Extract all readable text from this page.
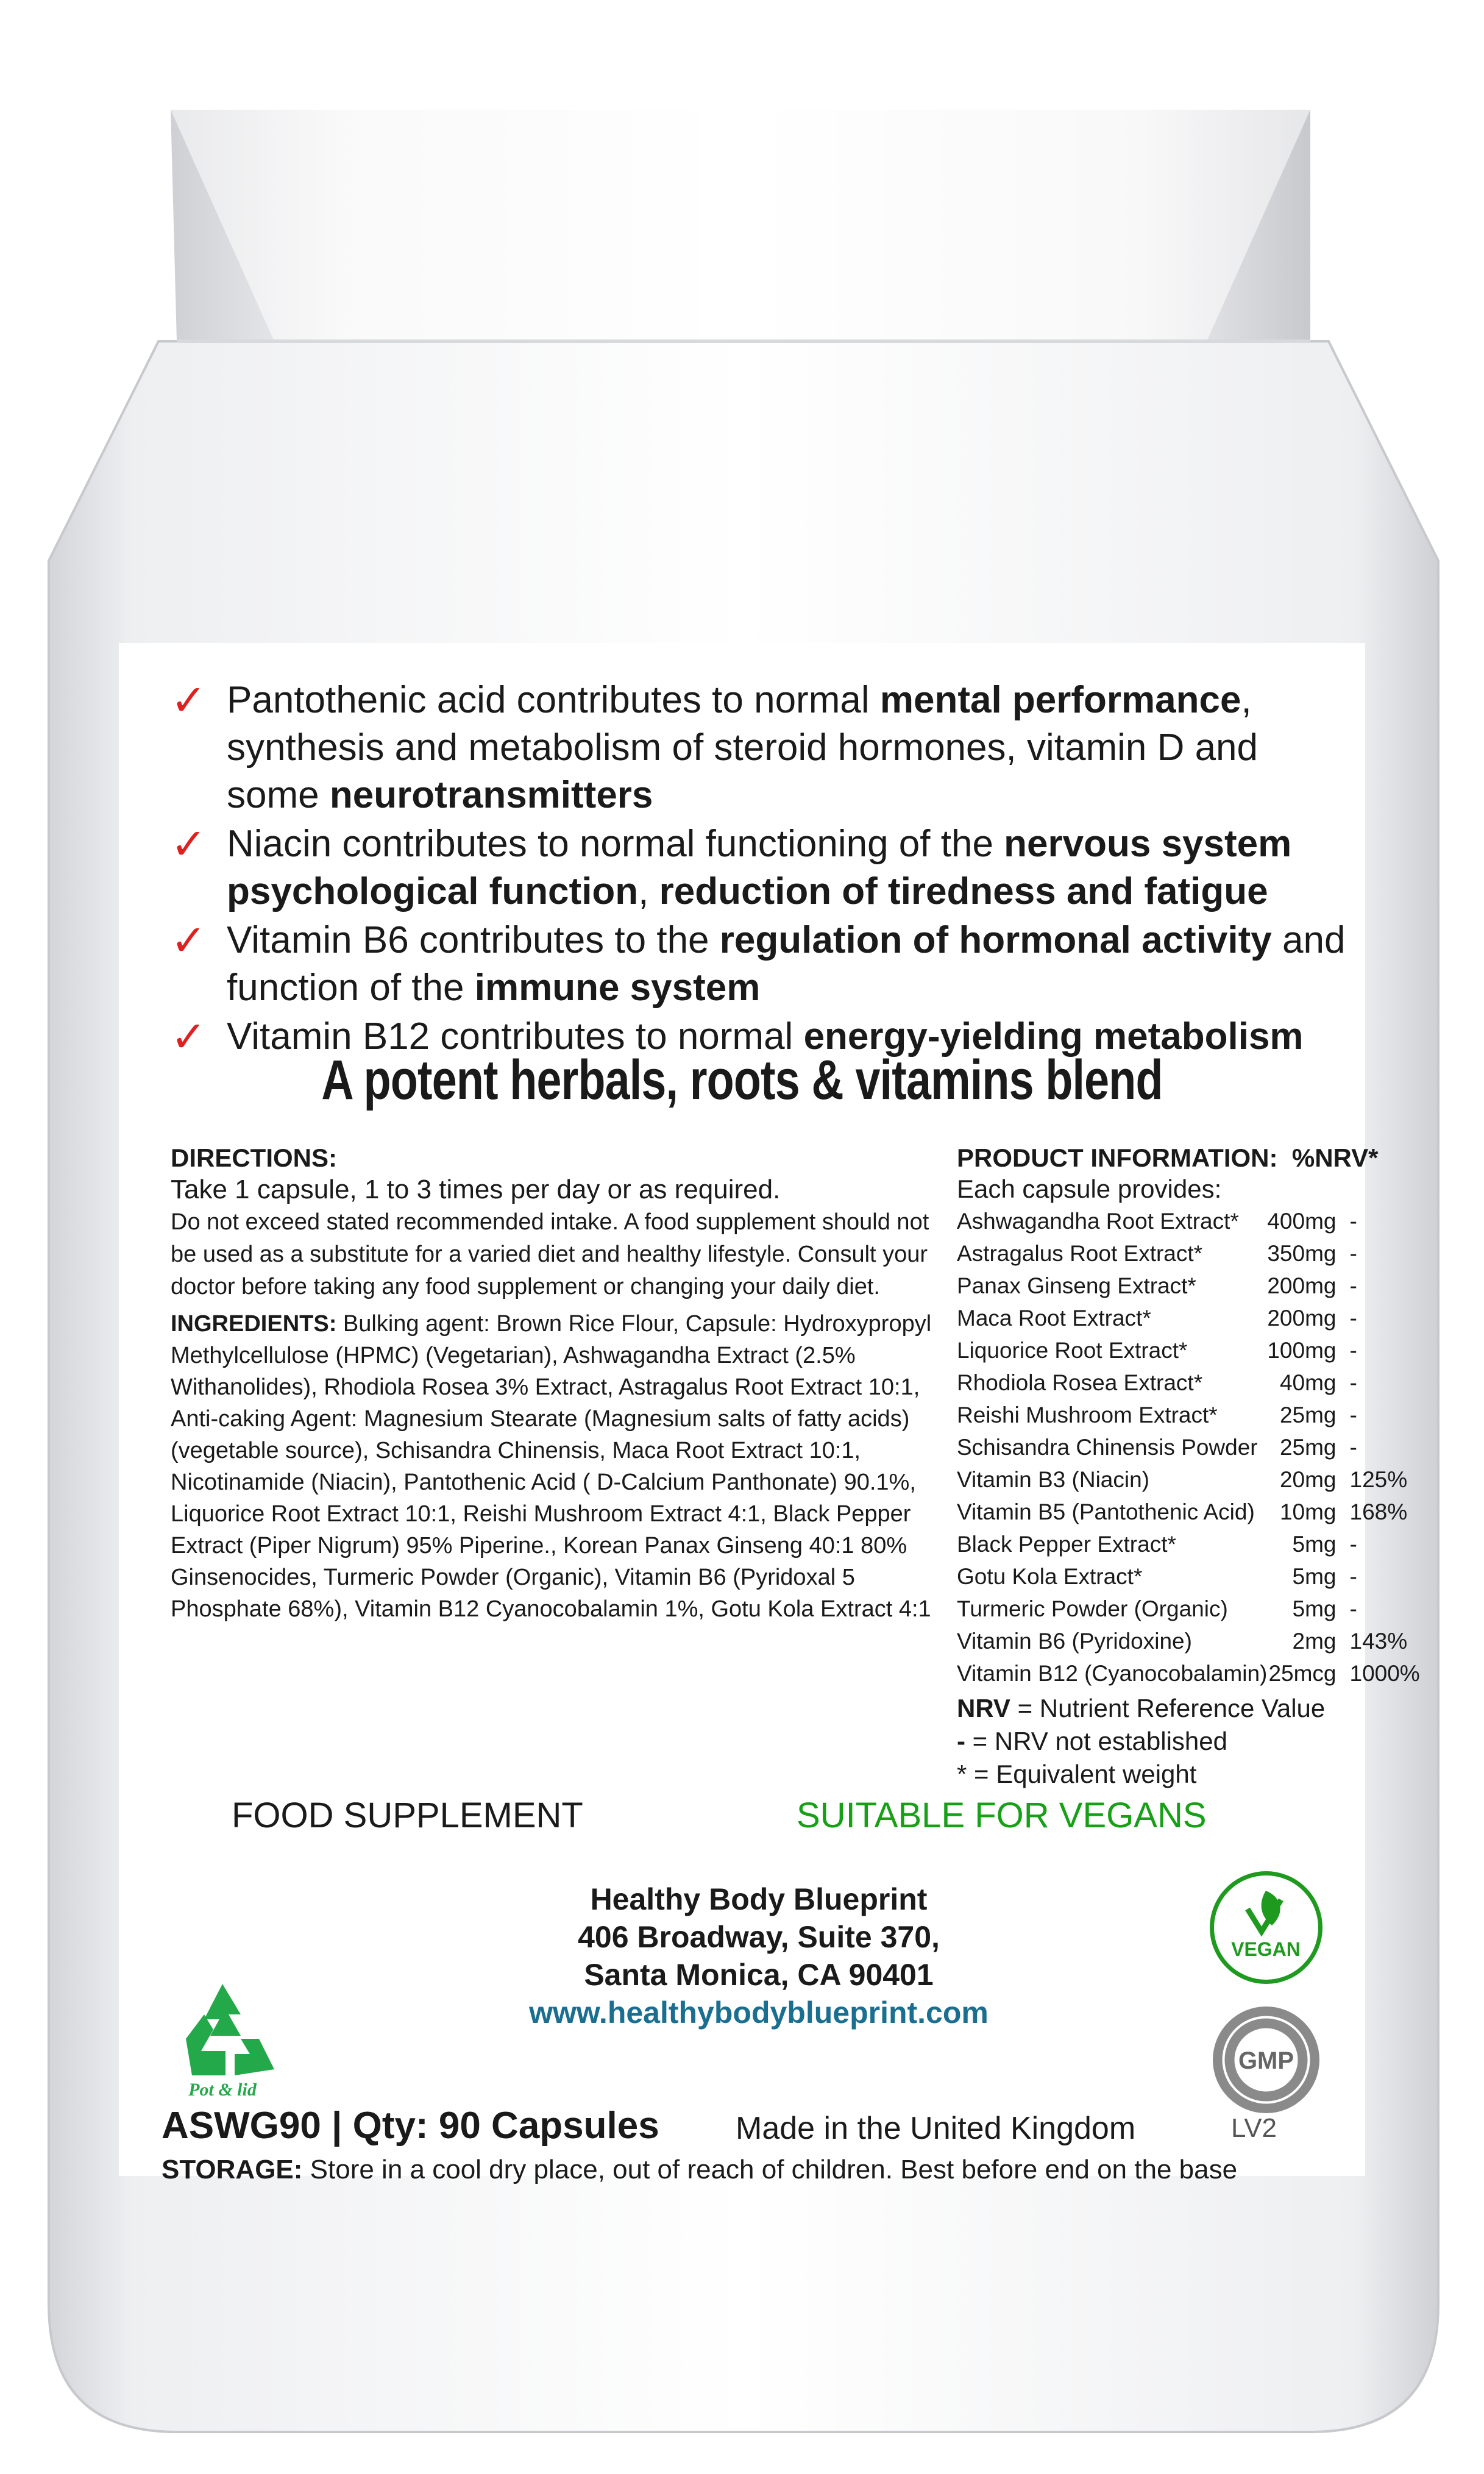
✓ Pantothenic acid contributes to normal mental performance, synthesis and metabolism of steroid hormones, vitamin D and some neurotransmitters
✓ Niacin contributes to normal functioning of the nervous system psychological function, reduction of tiredness and fatigue
✓ Vitamin B6 contributes to the regulation of hormonal activity and function of the immune system
✓ Vitamin B12 contributes to normal energy-yielding metabolism
A potent herbals, roots & vitamins blend
DIRECTIONS:
Take 1 capsule, 1 to 3 times per day or as required.
Do not exceed stated recommended intake. A food supplement should not be used as a substitute for a varied diet and healthy lifestyle. Consult your doctor before taking any food supplement or changing your daily diet.
INGREDIENTS: Bulking agent: Brown Rice Flour, Capsule: Hydroxypropyl Methylcellulose (HPMC) (Vegetarian), Ashwagandha Extract (2.5% Withanolides), Rhodiola Rosea 3% Extract, Astragalus Root Extract 10:1, Anti-caking Agent: Magnesium Stearate (Magnesium salts of fatty acids) (vegetable source), Schisandra Chinensis, Maca Root Extract 10:1, Nicotinamide (Niacin), Pantothenic Acid ( D-Calcium Panthonate) 90.1%, Liquorice Root Extract 10:1, Reishi Mushroom Extract 4:1, Black Pepper Extract (Piper Nigrum) 95% Piperine., Korean Panax Ginseng 40:1 80% Ginsenocides, Turmeric Powder (Organic), Vitamin B6 (Pyridoxal 5 Phosphate 68%), Vitamin B12 Cyanocobalamin 1%, Gotu Kola Extract 4:1
PRODUCT INFORMATION: %NRV*
Each capsule provides:
Ashwagandha Root Extract*	400mg	-
Astragalus Root Extract*	350mg	-
Panax Ginseng Extract*	200mg	-
Maca Root Extract*	200mg	-
Liquorice Root Extract*	100mg	-
Rhodiola Rosea Extract*	40mg	-
Reishi Mushroom Extract*	25mg	-
Schisandra Chinensis Powder	25mg	-
Vitamin B3 (Niacin)	20mg	125%
Vitamin B5 (Pantothenic Acid)	10mg	168%
Black Pepper Extract*	5mg	-
Gotu Kola Extract*	5mg	-
Turmeric Powder (Organic)	5mg	-
Vitamin B6 (Pyridoxine)	2mg	143%
Vitamin B12 (Cyanocobalamin)	25mcg	1000%
NRV = Nutrient Reference Value
- = NRV not established
* = Equivalent weight
FOOD SUPPLEMENT	SUITABLE FOR VEGANS
Healthy Body Blueprint
406 Broadway, Suite 370,
Santa Monica, CA 90401
www.healthybodyblueprint.com
VEGAN
GMP
Pot & lid
ASWG90 | Qty: 90 Capsules Made in the United Kingdom	LV2
STORAGE: Store in a cool dry place, out of reach of children. Best before end on the base
